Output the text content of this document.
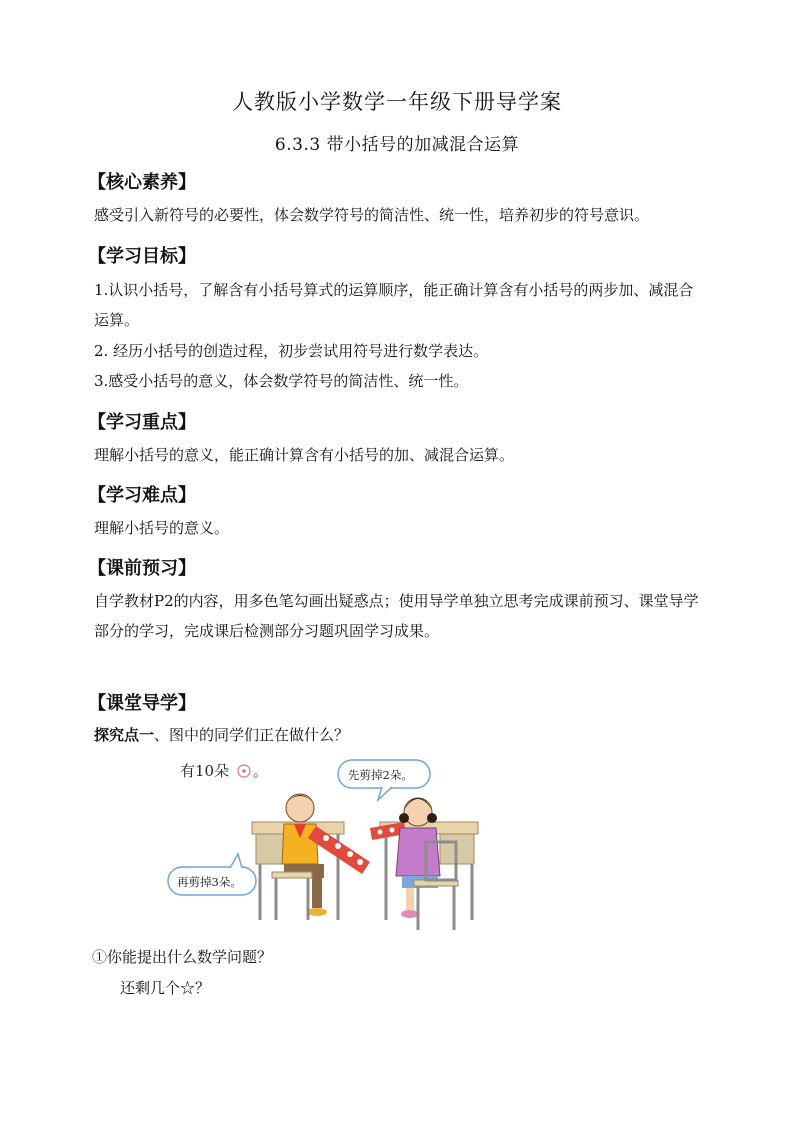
人教版小学数学一年级下册导学案
6.3.3 带小括号的加减混合运算
【核心素养】
感受引入新符号的必要性，体会数学符号的简洁性、统一性，培养初步的符号意识。
【学习目标】
1.认识小括号，了解含有小括号算式的运算顺序，能正确计算含有小括号的两步加、减混合运算。
2. 经历小括号的创造过程，初步尝试用符号进行数学表达。
3.感受小括号的意义，体会数学符号的简洁性、统一性。
【学习重点】
理解小括号的意义，能正确计算含有小括号的加、减混合运算。
【学习难点】
理解小括号的意义。
【课前预习】
自学教材P2的内容，用多色笔勾画出疑惑点；使用导学单独立思考完成课前预习、课堂导学部分的学习，完成课后检测部分习题巩固学习成果。
【课堂导学】
探究点一、图中的同学们正在做什么？
有10朵 。	先剪掉2朵。
再剪掉3朵。
①你能提出什么数学问题？
还剩几个☆？
